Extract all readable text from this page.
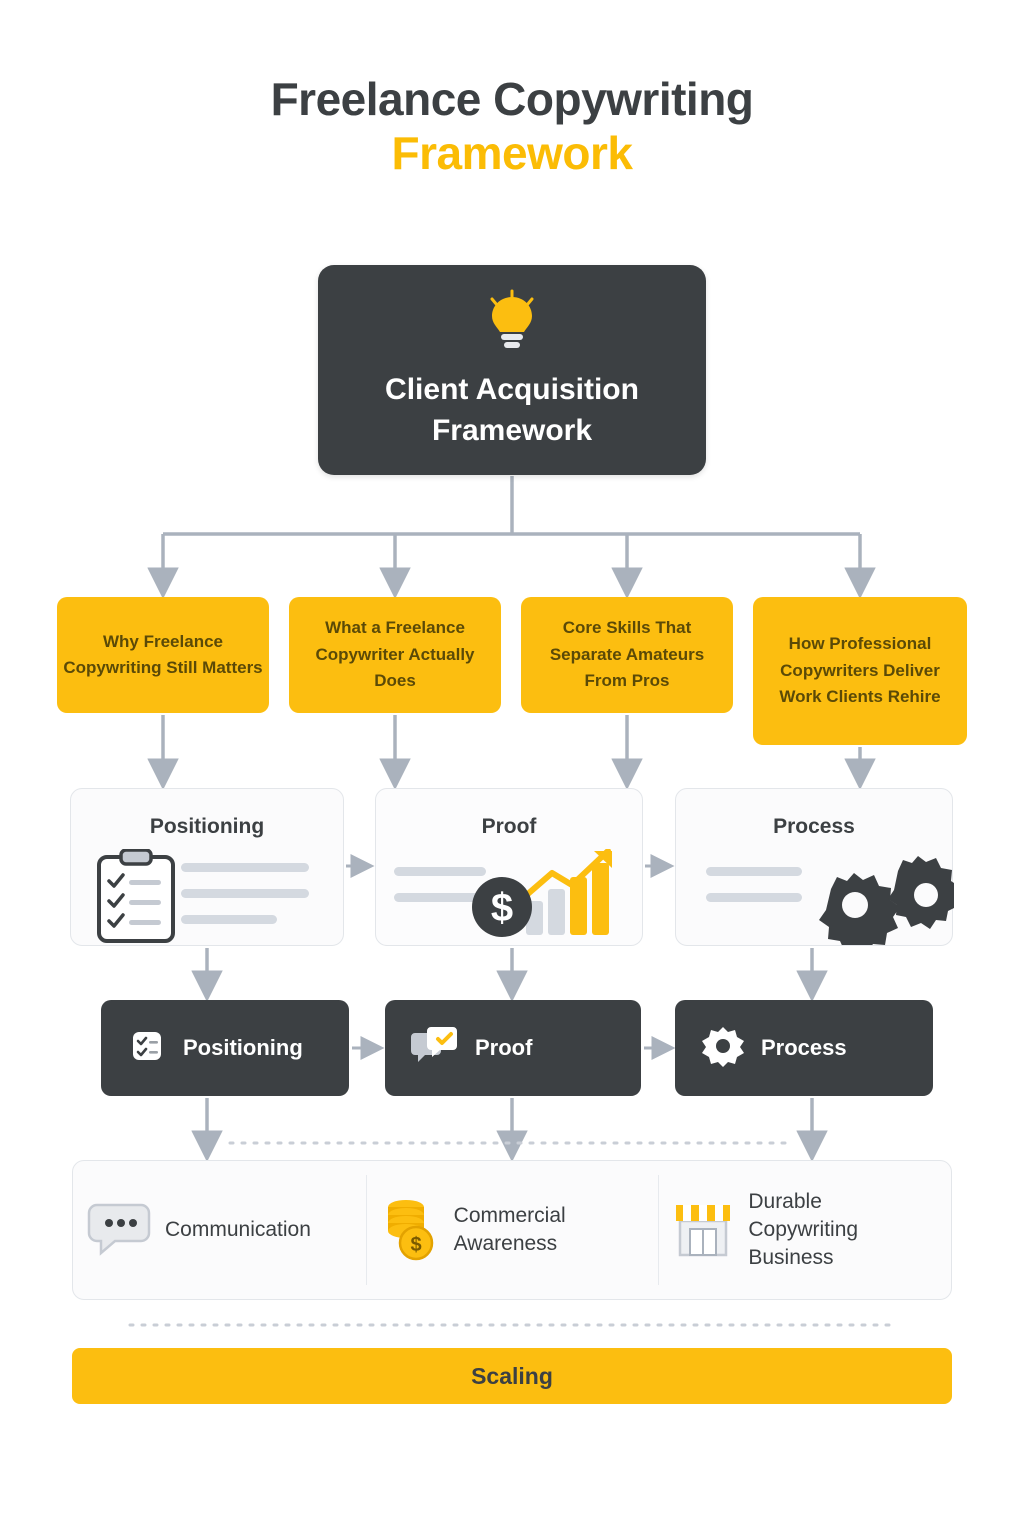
Freelance Copywriting
Framework
Client Acquisition
Framework
Why Freelance Copywriting Still Matters
What a Freelance Copywriter Actually Does
Core Skills That Separate Amateurs From Pros
How Professional Copywriters Deliver Work Clients Rehire
Positioning	Proof
$
Process
Positioning	Proof	Process
Communication
$
Commercial
Awareness
Durable
Copywriting
Business
Scaling
